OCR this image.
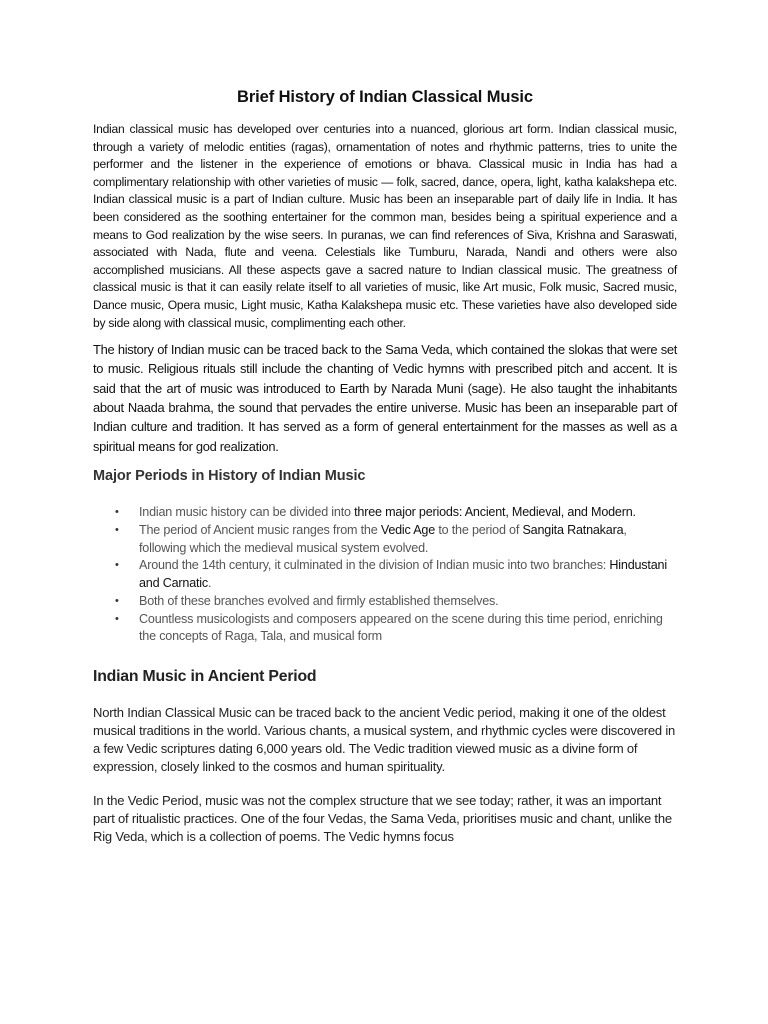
Brief History of Indian Classical Music

Indian classical music has developed over centuries into a nuanced, glorious art form. Indian classical music, through a variety of melodic entities (ragas), ornamentation of notes and rhythmic patterns, tries to unite the performer and the listener in the experience of emotions or bhava. Classical music in India has had a complimentary relationship with other varieties of music — folk, sacred, dance, opera, light, katha kalakshepa etc. Indian classical music is a part of Indian culture. Music has been an inseparable part of daily life in India. It has been considered as the soothing entertainer for the common man, besides being a spiritual experience and a means to God realization by the wise seers. In puranas, we can find references of Siva, Krishna and Saraswati, associated with Nada, flute and veena. Celestials like Tumburu, Narada, Nandi and others were also accomplished musicians. All these aspects gave a sacred nature to Indian classical music. The greatness of classical music is that it can easily relate itself to all varieties of music, like Art music, Folk music, Sacred music, Dance music, Opera music, Light music, Katha Kalakshepa music etc. These varieties have also developed side by side along with classical music, complimenting each other.

The history of Indian music can be traced back to the Sama Veda, which contained the slokas that were set to music. Religious rituals still include the chanting of Vedic hymns with prescribed pitch and accent. It is said that the art of music was introduced to Earth by Narada Muni (sage). He also taught the inhabitants about Naada brahma, the sound that pervades the entire universe. Music has been an inseparable part of Indian culture and tradition. It has served as a form of general entertainment for the masses as well as a spiritual means for god realization.

Major Periods in History of Indian Music
• Indian music history can be divided into three major periods: Ancient, Medieval, and Modern.
• The period of Ancient music ranges from the Vedic Age to the period of Sangita Ratnakara, following which the medieval musical system evolved.
• Around the 14th century, it culminated in the division of Indian music into two branches: Hindustani and Carnatic.
• Both of these branches evolved and firmly established themselves.
• Countless musicologists and composers appeared on the scene during this time period, enriching the concepts of Raga, Tala, and musical form
Indian Music in Ancient Period

North Indian Classical Music can be traced back to the ancient Vedic period, making it one of the oldest musical traditions in the world. Various chants, a musical system, and rhythmic cycles were discovered in a few Vedic scriptures dating 6,000 years old. The Vedic tradition viewed music as a divine form of expression, closely linked to the cosmos and human spirituality.

In the Vedic Period, music was not the complex structure that we see today; rather, it was an important part of ritualistic practices. One of the four Vedas, the Sama Veda, prioritises music and chant, unlike the Rig Veda, which is a collection of poems. The Vedic hymns focus
